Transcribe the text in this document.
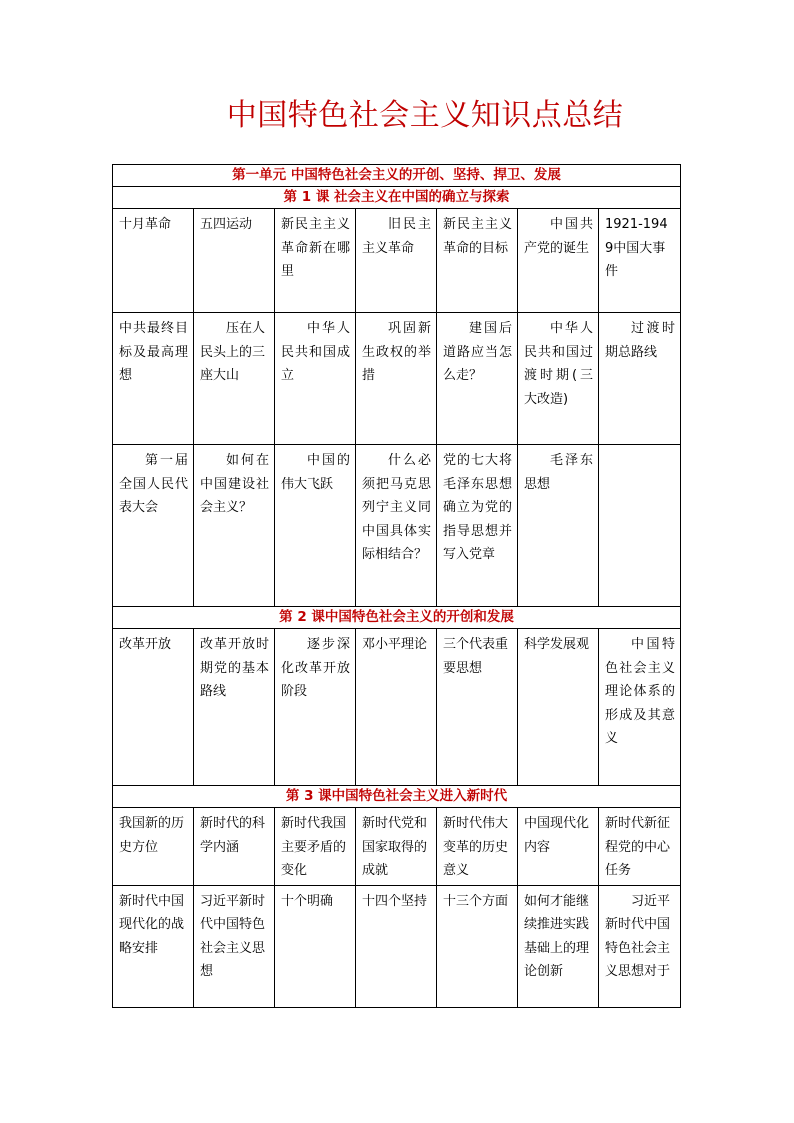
中国特色社会主义知识点总结
第一单元 中国特色社会主义的开创、坚持、捍卫、发展						
第 1 课 社会主义在中国的确立与探索						

十月革命	五四运动	新民主主义革命新在哪里	旧民主主义革命	新民主主义革命的目标	中国共产党的诞生	1921-1949中国大事件

中共最终目标及最高理想	压在人民头上的三座大山	中华人民共和国成立	巩固新生政权的举措	建国后道路应当怎么走？	中华人民共和国过渡时期(三大改造)	过渡时期总路线

第一届全国人民代表大会	如何在中国建设社会主义？	中国的伟大飞跃	什么必须把马克思列宁主义同中国具体实际相结合？	党的七大将毛泽东思想确立为党的指导思想并写入党章	毛泽东思想	

第 2 课中国特色社会主义的开创和发展						

改革开放	改革开放时期党的基本路线	逐步深化改革开放阶段	邓小平理论	三个代表重要思想	科学发展观	中国特色社会主义理论体系的形成及其意义

第 3 课中国特色社会主义进入新时代						

我国新的历史方位	新时代的科学内涵	新时代我国主要矛盾的变化	新时代党和国家取得的成就	新时代伟大变革的历史意义	中国现代化内容	新时代新征程党的中心任务

新时代中国现代化的战略安排	习近平新时代中国特色社会主义思想	十个明确	十四个坚持	十三个方面	如何才能继续推进实践基础上的理论创新	习近平新时代中国特色社会主义思想对于
